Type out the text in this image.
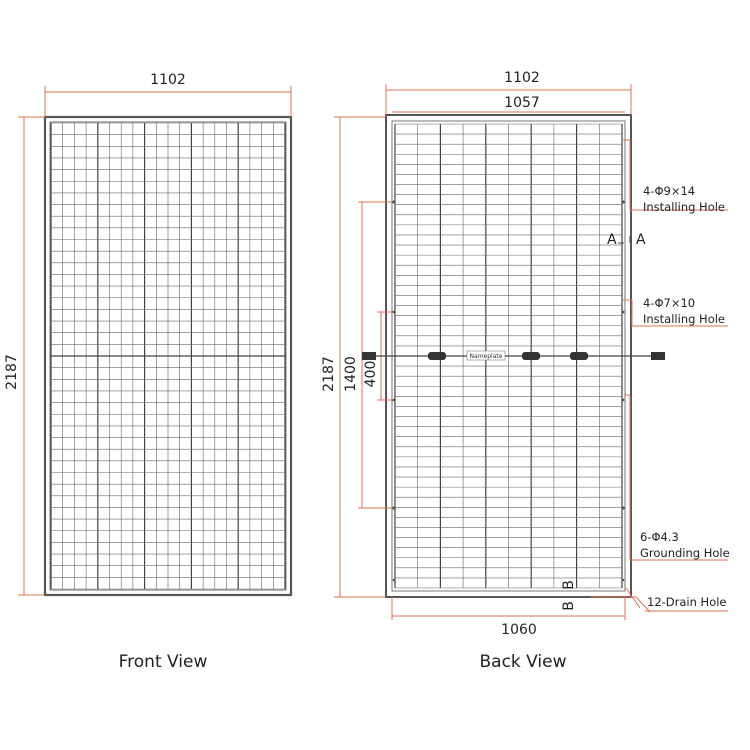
1102
2187
Front View
1102
1057
1060
2187 1400 400
Nameplate
A A
B
B
4-Φ9×14
Installing Hole
4-Φ7×10
Installing Hole
6-Φ4.3
Grounding Hole
12-Drain Hole
Back View
